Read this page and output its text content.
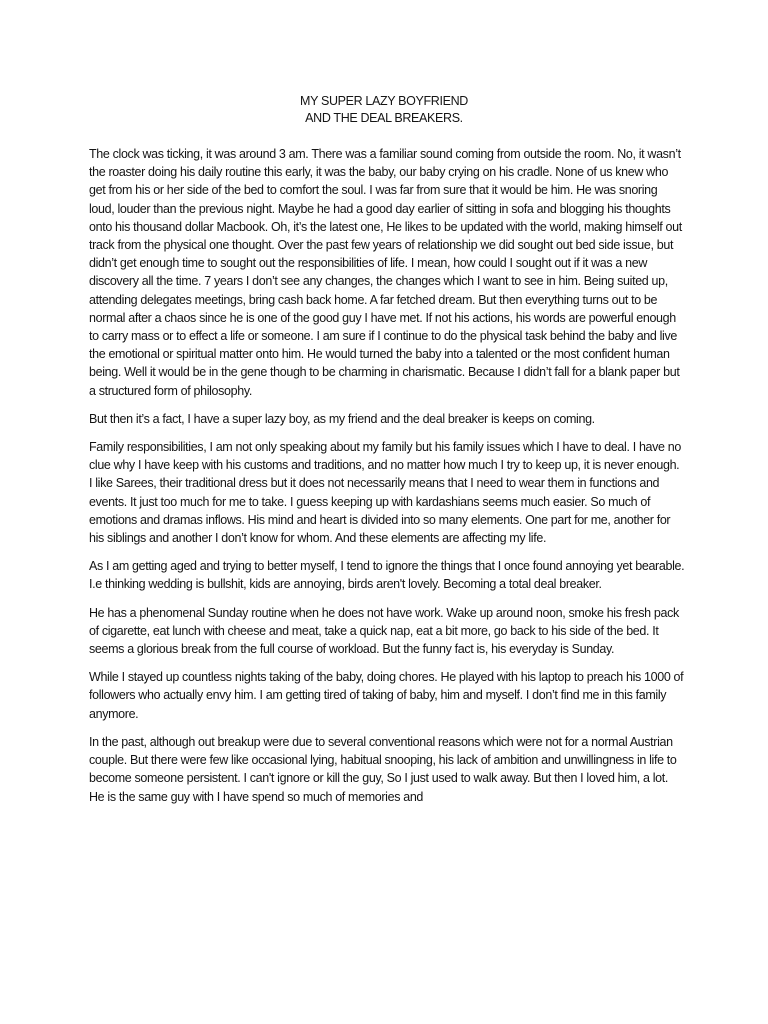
MY SUPER LAZY BOYFRIEND
AND THE DEAL BREAKERS.

The clock was ticking, it was around 3 am. There was a familiar sound coming from outside the room. No, it wasn’t the roaster doing his daily routine this early, it was the baby, our baby crying on his cradle. None of us knew who get from his or her side of the bed to comfort the soul. I was far from sure that it would be him. He was snoring loud, louder than the previous night. Maybe he had a good day earlier of sitting in sofa and blogging his thoughts onto his thousand dollar Macbook. Oh, it’s the latest one, He likes to be updated with the world, making himself out track from the physical one thought. Over the past few years of relationship we did sought out bed side issue, but didn’t get enough time to sought out the responsibilities of life. I mean, how could I sought out if it was a new discovery all the time. 7 years I don’t see any changes, the changes which I want to see in him. Being suited up, attending delegates meetings, bring cash back home. A far fetched dream. But then everything turns out to be normal after a chaos since he is one of the good guy I have met. If not his actions, his words are powerful enough to carry mass or to effect a life or someone. I am sure if I continue to do the physical task behind the baby and live the emotional or spiritual matter onto him. He would turned the baby into a talented or the most confident human being. Well it would be in the gene though to be charming in charismatic. Because I didn’t fall for a blank paper but a structured form of philosophy.

But then it’s a fact, I have a super lazy boy, as my friend and the deal breaker is keeps on coming.

Family responsibilities, I am not only speaking about my family but his family issues which I have to deal. I have no clue why I have keep with his customs and traditions, and no matter how much I try to keep up, it is never enough. I like Sarees, their traditional dress but it does not necessarily means that I need to wear them in functions and events. It just too much for me to take. I guess keeping up with kardashians seems much easier. So much of emotions and dramas inflows. His mind and heart is divided into so many elements. One part for me, another for his siblings and another I don’t know for whom. And these elements are affecting my life.

As I am getting aged and trying to better myself, I tend to ignore the things that I once found annoying yet bearable. I.e thinking wedding is bullshit, kids are annoying, birds aren't lovely. Becoming a total deal breaker.

He has a phenomenal Sunday routine when he does not have work. Wake up around noon, smoke his fresh pack of cigarette, eat lunch with cheese and meat, take a quick nap, eat a bit more, go back to his side of the bed. It seems a glorious break from the full course of workload. But the funny fact is, his everyday is Sunday.

While I stayed up countless nights taking of the baby, doing chores. He played with his laptop to preach his 1000 of followers who actually envy him. I am getting tired of taking of baby, him and myself. I don’t find me in this family anymore.

In the past, although out breakup were due to several conventional reasons which were not for a normal Austrian couple. But there were few like occasional lying, habitual snooping, his lack of ambition and unwillingness in life to become someone persistent. I can't ignore or kill the guy, So I just used to walk away. But then I loved him, a lot. He is the same guy with I have spend so much of memories and
